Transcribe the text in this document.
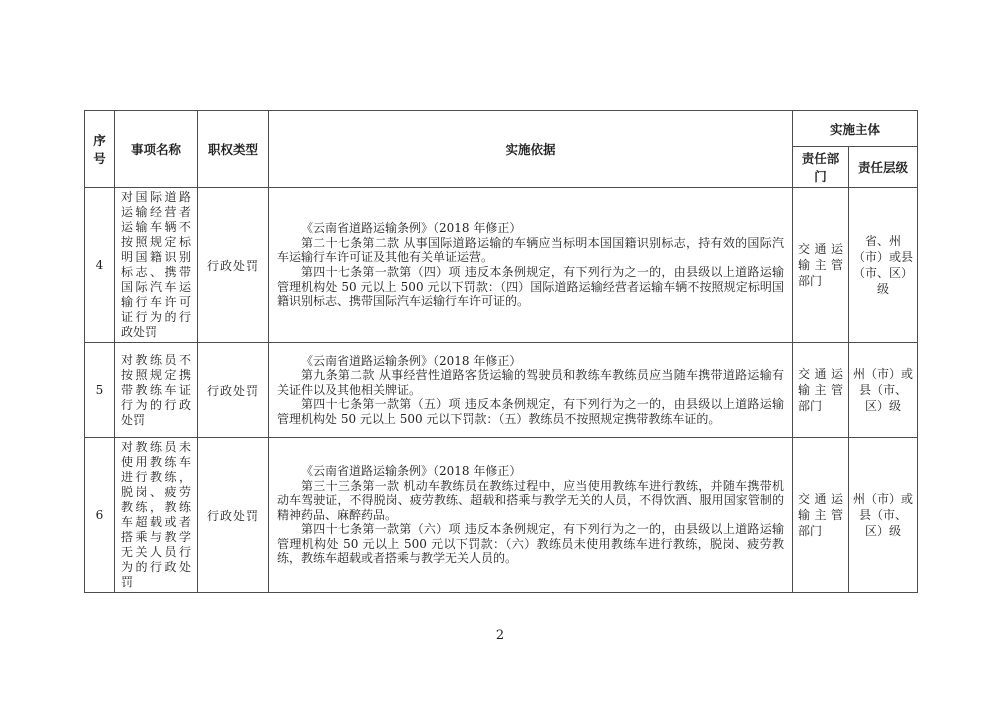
序号	事项名称	职权类型	实施依据	实施主体	
				责任部门	责任层级
4	对国际道路运输经营者运输车辆不按照规定标明国籍识别标志、携带国际汽车运输行车许可证行为的行政处罚	行政处罚	《云南省道路运输条例》（2018 年修正）

第二十七条第二款 从事国际道路运输的车辆应当标明本国国籍识别标志，持有效的国际汽车运输行车许可证及其他有关单证运营。

第四十七条第一款第（四）项 违反本条例规定，有下列行为之一的，由县级以上道路运输管理机构处 50 元以上 500 元以下罚款：（四）国际道路运输经营者运输车辆不按照规定标明国籍识别标志、携带国际汽车运输行车许可证的。	交通运输主管部门	省、州（市）或县（市、区）级
5	对教练员不按照规定携带教练车证行为的行政处罚	行政处罚	《云南省道路运输条例》（2018 年修正）

第九条第二款 从事经营性道路客货运输的驾驶员和教练车教练员应当随车携带道路运输有关证件以及其他相关牌证。

第四十七条第一款第（五）项 违反本条例规定，有下列行为之一的，由县级以上道路运输管理机构处 50 元以上 500 元以下罚款：（五）教练员不按照规定携带教练车证的。	交通运输主管部门	州（市）或县（市、区）级
6	对教练员未使用教练车进行教练，脱岗、疲劳教练，教练车超载或者搭乘与教学无关人员行为的行政处罚	行政处罚	《云南省道路运输条例》（2018 年修正）

第三十三条第一款 机动车教练员在教练过程中，应当使用教练车进行教练，并随车携带机动车驾驶证，不得脱岗、疲劳教练、超载和搭乘与教学无关的人员，不得饮酒、服用国家管制的精神药品、麻醉药品。

第四十七条第一款第（六）项 违反本条例规定，有下列行为之一的，由县级以上道路运输管理机构处 50 元以上 500 元以下罚款：（六）教练员未使用教练车进行教练，脱岗、疲劳教练，教练车超载或者搭乘与教学无关人员的。	交通运输主管部门	州（市）或县（市、区）级
2
